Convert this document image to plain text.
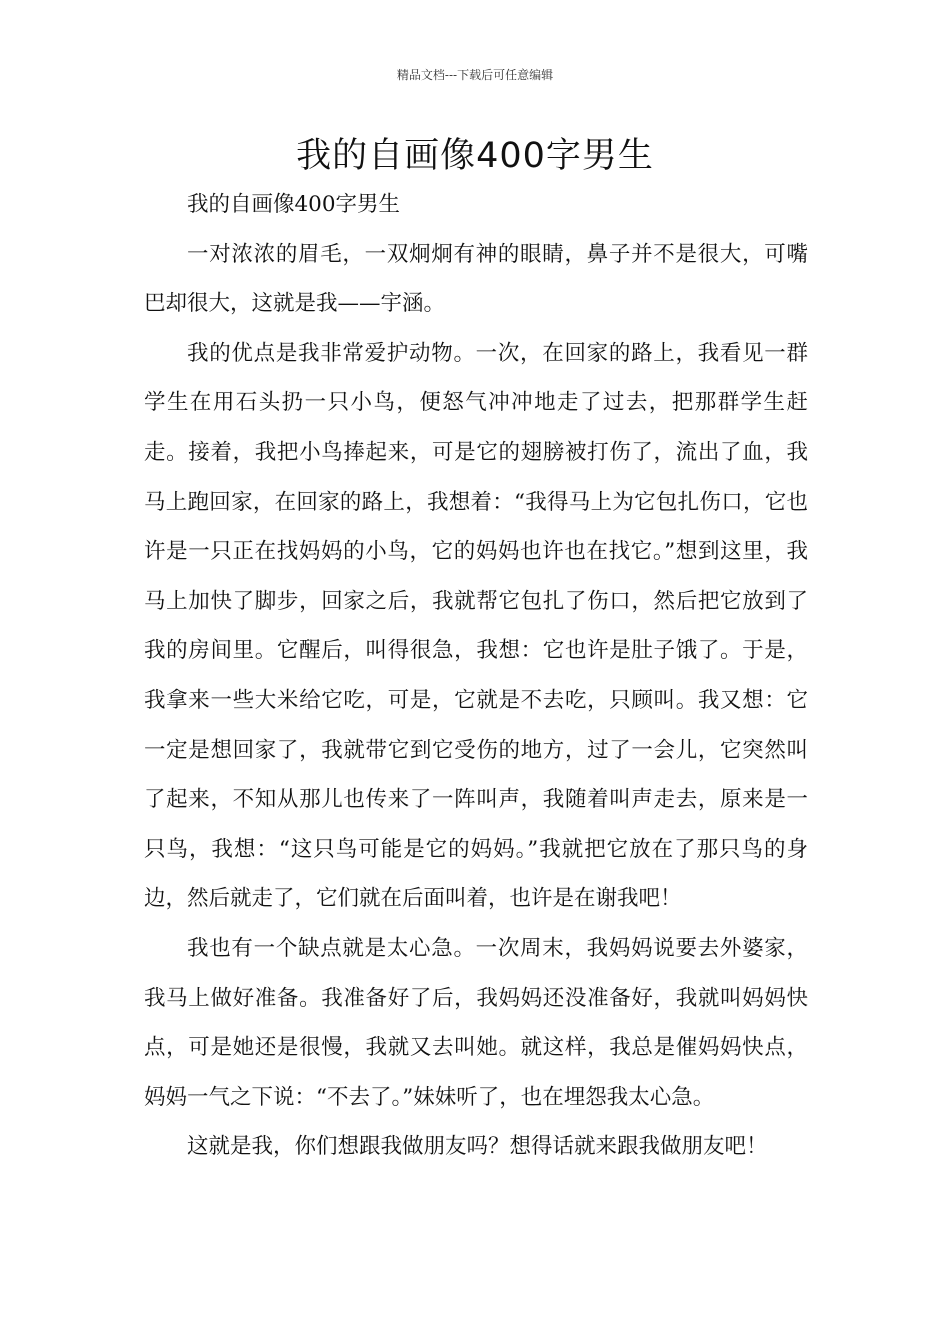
精品文档---下载后可任意编辑
我的自画像400字男生

我的自画像400字男生

一对浓浓的眉毛，一双炯炯有神的眼睛，鼻子并不是很大，可嘴巴却很大，这就是我——宇涵。

我的优点是我非常爱护动物。一次，在回家的路上，我看见一群学生在用石头扔一只小鸟，便怒气冲冲地走了过去，把那群学生赶走。接着，我把小鸟捧起来，可是它的翅膀被打伤了，流出了血，我马上跑回家，在回家的路上，我想着：“我得马上为它包扎伤口，它也许是一只正在找妈妈的小鸟，它的妈妈也许也在找它。”想到这里，我马上加快了脚步，回家之后，我就帮它包扎了伤口，然后把它放到了我的房间里。它醒后，叫得很急，我想：它也许是肚子饿了。于是，我拿来一些大米给它吃，可是，它就是不去吃，只顾叫。我又想：它一定是想回家了，我就带它到它受伤的地方，过了一会儿，它突然叫了起来，不知从那儿也传来了一阵叫声，我随着叫声走去，原来是一只鸟，我想：“这只鸟可能是它的妈妈。”我就把它放在了那只鸟的身边，然后就走了，它们就在后面叫着，也许是在谢我吧！

我也有一个缺点就是太心急。一次周末，我妈妈说要去外婆家，我马上做好准备。我准备好了后，我妈妈还没准备好，我就叫妈妈快点，可是她还是很慢，我就又去叫她。就这样，我总是催妈妈快点，妈妈一气之下说：“不去了。”妹妹听了，也在埋怨我太心急。

这就是我，你们想跟我做朋友吗？想得话就来跟我做朋友吧！
